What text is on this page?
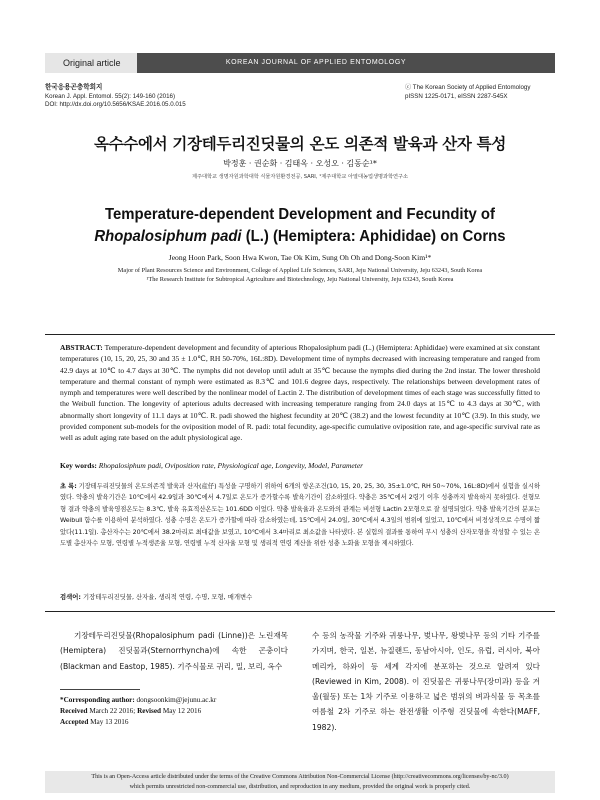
Original article	KOREAN JOURNAL OF APPLIED ENTOMOLOGY
한국응용곤충학회지
Korean J. Appl. Entomol. 55(2): 149-160 (2016)
DOI: http://dx.doi.org/10.5656/KSAE.2016.05.0.015
ⓒ The Korean Society of Applied Entomology
pISSN 1225-0171, eISSN 2287-545X
옥수수에서 기장테두리진딧물의 온도 의존적 발육과 산자 특성
박정훈 · 권순화 · 김태옥 · 오성오 · 김동순¹*
제주대학교 생명자원과학대학 식물자원환경전공, SARI, ¹제주대학교 아열대농업생명과학연구소
Temperature-dependent Development and Fecundity of
Rhopalosiphum padi (L.) (Hemiptera: Aphididae) on Corns
Jeong Hoon Park, Soon Hwa Kwon, Tae Ok Kim, Sung Oh Oh and Dong-Soon Kim¹*
Major of Plant Resources Science and Environment, College of Applied Life Sciences, SARI, Jeju National University, Jeju 63243, South Korea
¹The Research Institute for Subtropical Agriculture and Biotechnology, Jeju National University, Jeju 63243, South Korea
ABSTRACT: Temperature-dependent development and fecundity of apterious Rhopalosiphum padi (L.) (Hemiptera: Aphididae) were examined at six constant temperatures (10, 15, 20, 25, 30 and 35 ± 1.0℃, RH 50-70%, 16L:8D). Development time of nymphs decreased with increasing temperature and ranged from 42.9 days at 10℃ to 4.7 days at 30℃. The nymphs did not develop until adult at 35℃ because the nymphs died during the 2nd instar. The lower threshold temperature and thermal constant of nymph were estimated as 8.3℃ and 101.6 degree days, respectively. The relationships between development rates of nymph and temperatures were well described by the nonlinear model of Lactin 2. The distribution of development times of each stage was successfully fitted to the Weibull function. The longevity of apterious adults decreased with increasing temperature ranging from 24.0 days at 15℃ to 4.3 days at 30℃, with abnormally short longevity of 11.1 days at 10℃. R. padi showed the highest fecundity at 20℃ (38.2) and the lowest fecundity at 10℃ (3.9). In this study, we provided component sub-models for the oviposition model of R. padi: total fecundity, age-specific cumulative oviposition rate, and age-specific survival rate as well as adult aging rate based on the adult physiological age.
Key words: Rhopalosiphum padi, Oviposition rate, Physiological age, Longevity, Model, Parameter
초 록: 기장테두리진딧물의 온도의존적 발육과 산자(産仔) 특성을 구명하기 위하여 6개의 항온조건(10, 15, 20, 25, 30, 35±1.0℃, RH 50~70%, 16L:8D)에서 실험을 실시하였다. 약충의 발육기간은 10℃에서 42.9일과 30℃에서 4.7일로 온도가 증가할수록 발육기간이 감소하였다. 약충은 35℃에서 2령기 이후 성충까지 발육하지 못하였다. 선형모형 결과 약충의 발육영점온도는 8.3℃, 발육 유효적산온도는 101.6DD 이었다. 약충 발육율과 온도와의 관계는 비선형 Lactin 2모형으로 잘 설명되었다. 약충 발육기간의 분포는 Weibull 함수를 이용하여 분석하였다. 성충 수명은 온도가 증가할에 따라 감소하였는데, 15℃에서 24.0일, 30℃에서 4.3일의 범위에 있었고, 10℃에서 비정상적으로 수명이 짧았다(11.1일). 총산자수는 20℃에서 38.2마리로 최대값을 보였고, 10℃에서 3.4마리로 최소값을 나타냈다. 본 실험의 결과를 통하여 무시 성충의 산자모형을 작성할 수 있는 온도별 총산자수 모형, 연령별 누적생존율 모형, 연령별 누적 산자율 모형 및 생리적 연령 계산을 위한 성충 노화율 모형을 제시하였다.
검색어: 기장테두리진딧물, 산자율, 생리적 연령, 수명, 모형, 매개변수
기장테두리진딧물(Rhopalosiphum padi (Linne))은 노린재목(Hemiptera) 진딧물과(Sternorrhyncha)에 속한 곤충이다(Blackman and Eastop, 1985). 기주식물로 귀리, 밀, 보리, 옥수
수 등의 농작물 기주와 귀룽나무, 벚나무, 왕벚나무 등의 기타 기주를 가지며, 한국, 일본, 뉴질랜드, 동남아시아, 인도, 유럽, 러시아, 북아메리카, 하와이 등 세계 각지에 분포하는 것으로 알려져 있다(Reviewed in Kim, 2008). 이 진딧물은 귀룽나무(장미과) 등을 겨울(월동) 또는 1차 기주로 이용하고 넓은 범위의 벼과식물 등 목초를 여름철 2차 기주로 하는 완전생활 이주형 진딧물에 속한다(MAFF, 1982).
*Corresponding author: dongsoonkim@jejunu.ac.kr
Received March 22 2016; Revised May 12 2016
Accepted May 13 2016
This is an Open-Access article distributed under the terms of the Creative Commons Attribution Non-Commercial License (http://creativecommons.org/licenses/by-nc/3.0)
which permits unrestricted non-commercial use, distribution, and reproduction in any medium, provided the original work is properly cited.
